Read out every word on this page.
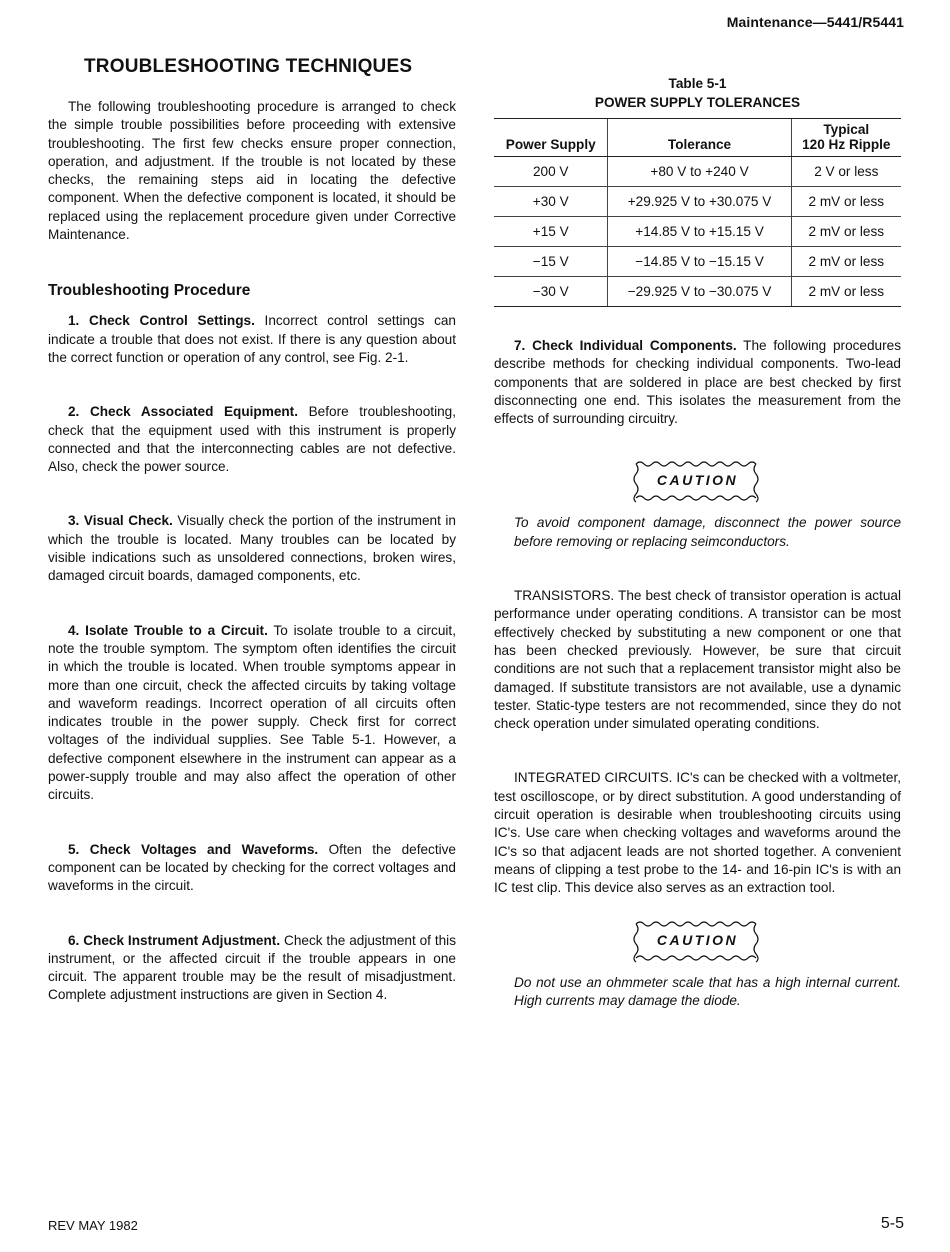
Maintenance—5441/R5441
TROUBLESHOOTING TECHNIQUES

The following troubleshooting procedure is arranged to check the simple trouble possibilities before proceeding with extensive troubleshooting. The first few checks ensure proper connection, operation, and adjustment. If the trouble is not located by these checks, the remaining steps aid in locating the defective component. When the defective component is located, it should be replaced using the replacement procedure given under Corrective Maintenance.

Troubleshooting Procedure

1. Check Control Settings. Incorrect control settings can indicate a trouble that does not exist. If there is any question about the correct function or operation of any control, see Fig. 2-1.

2. Check Associated Equipment. Before troubleshooting, check that the equipment used with this instrument is properly connected and that the interconnecting cables are not defective. Also, check the power source.

3. Visual Check. Visually check the portion of the instrument in which the trouble is located. Many troubles can be located by visible indications such as unsoldered connections, broken wires, damaged circuit boards, damaged components, etc.

4. Isolate Trouble to a Circuit. To isolate trouble to a circuit, note the trouble symptom. The symptom often identifies the circuit in which the trouble is located. When trouble symptoms appear in more than one circuit, check the affected circuits by taking voltage and waveform readings. Incorrect operation of all circuits often indicates trouble in the power supply. Check first for correct voltages of the individual supplies. See Table 5-1. However, a defective component elsewhere in the instrument can appear as a power-supply trouble and may also affect the operation of other circuits.

5. Check Voltages and Waveforms. Often the defective component can be located by checking for the correct voltages and waveforms in the circuit.

6. Check Instrument Adjustment. Check the adjustment of this instrument, or the affected circuit if the trouble appears in one circuit. The apparent trouble may be the result of misadjustment. Complete adjustment instructions are given in Section 4.

Table 5-1
POWER SUPPLY TOLERANCES
Power Supply	Tolerance	Typical
120 Hz Ripple
200 V	+80 V to +240 V	2 V or less
+30 V	+29.925 V to +30.075 V	2 mV or less
+15 V	+14.85 V to +15.15 V	2 mV or less
−15 V	−14.85 V to −15.15 V	2 mV or less
−30 V	−29.925 V to −30.075 V	2 mV or less

7. Check Individual Components. The following procedures describe methods for checking individual components. Two-lead components that are soldered in place are best checked by first disconnecting one end. This isolates the measurement from the effects of surrounding circuitry.

CAUTION

To avoid component damage, disconnect the power source before removing or replacing seimconductors.

TRANSISTORS. The best check of transistor operation is actual performance under operating conditions. A transistor can be most effectively checked by substituting a new component or one that has been checked previously. However, be sure that circuit conditions are not such that a replacement transistor might also be damaged. If substitute transistors are not available, use a dynamic tester. Static-type testers are not recommended, since they do not check operation under simulated operating conditions.

INTEGRATED CIRCUITS. IC's can be checked with a voltmeter, test oscilloscope, or by direct substitution. A good understanding of circuit operation is desirable when troubleshooting circuits using IC's. Use care when checking voltages and waveforms around the IC's so that adjacent leads are not shorted together. A convenient means of clipping a test probe to the 14- and 16-pin IC's is with an IC test clip. This device also serves as an extraction tool.

CAUTION

Do not use an ohmmeter scale that has a high internal current. High currents may damage the diode.

REV MAY 1982	5-5
